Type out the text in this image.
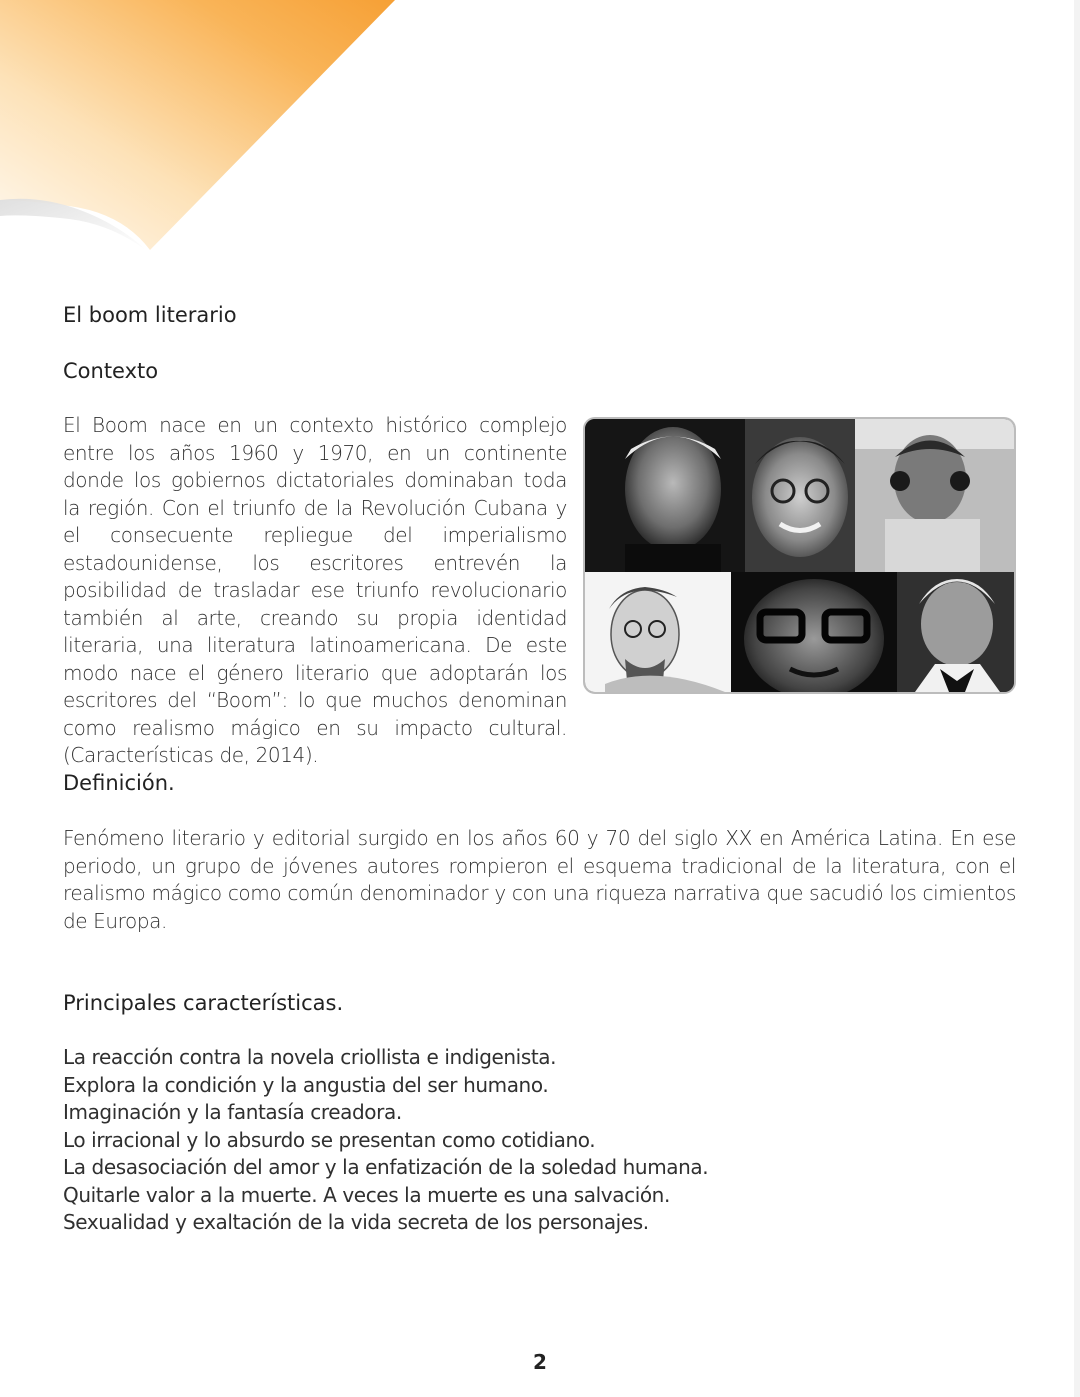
El boom literario
Contexto

El Boom nace en un contexto histórico complejo entre los años 1960 y 1970, en un continente donde los gobiernos dictatoriales dominaban toda la región. Con el triunfo de la Revolución Cubana y el consecuente repliegue del imperialismo estadounidense, los escritores entrevén la posibilidad de trasladar ese triunfo revolucionario también al arte, creando su propia identidad literaria, una literatura latinoamericana. De este modo nace el género literario que adoptarán los escritores del “Boom”: lo que muchos denominan como realismo mágico en su impacto cultural. (Características de, 2014).

Definición.

Fenómeno literario y editorial surgido en los años 60 y 70 del siglo XX en América Latina. En ese periodo, un grupo de jóvenes autores rompieron el esquema tradicional de la literatura, con el realismo mágico como común denominador y con una riqueza narrativa que sacudió los cimientos de Europa.

Principales características.
La reacción contra la novela criollista e indigenista.
Explora la condición y la angustia del ser humano.
Imaginación y la fantasía creadora.
Lo irracional y lo absurdo se presentan como cotidiano.
La desasociación del amor y la enfatización de la soledad humana.
Quitarle valor a la muerte. A veces la muerte es una salvación.
Sexualidad y exaltación de la vida secreta de los personajes.
2
